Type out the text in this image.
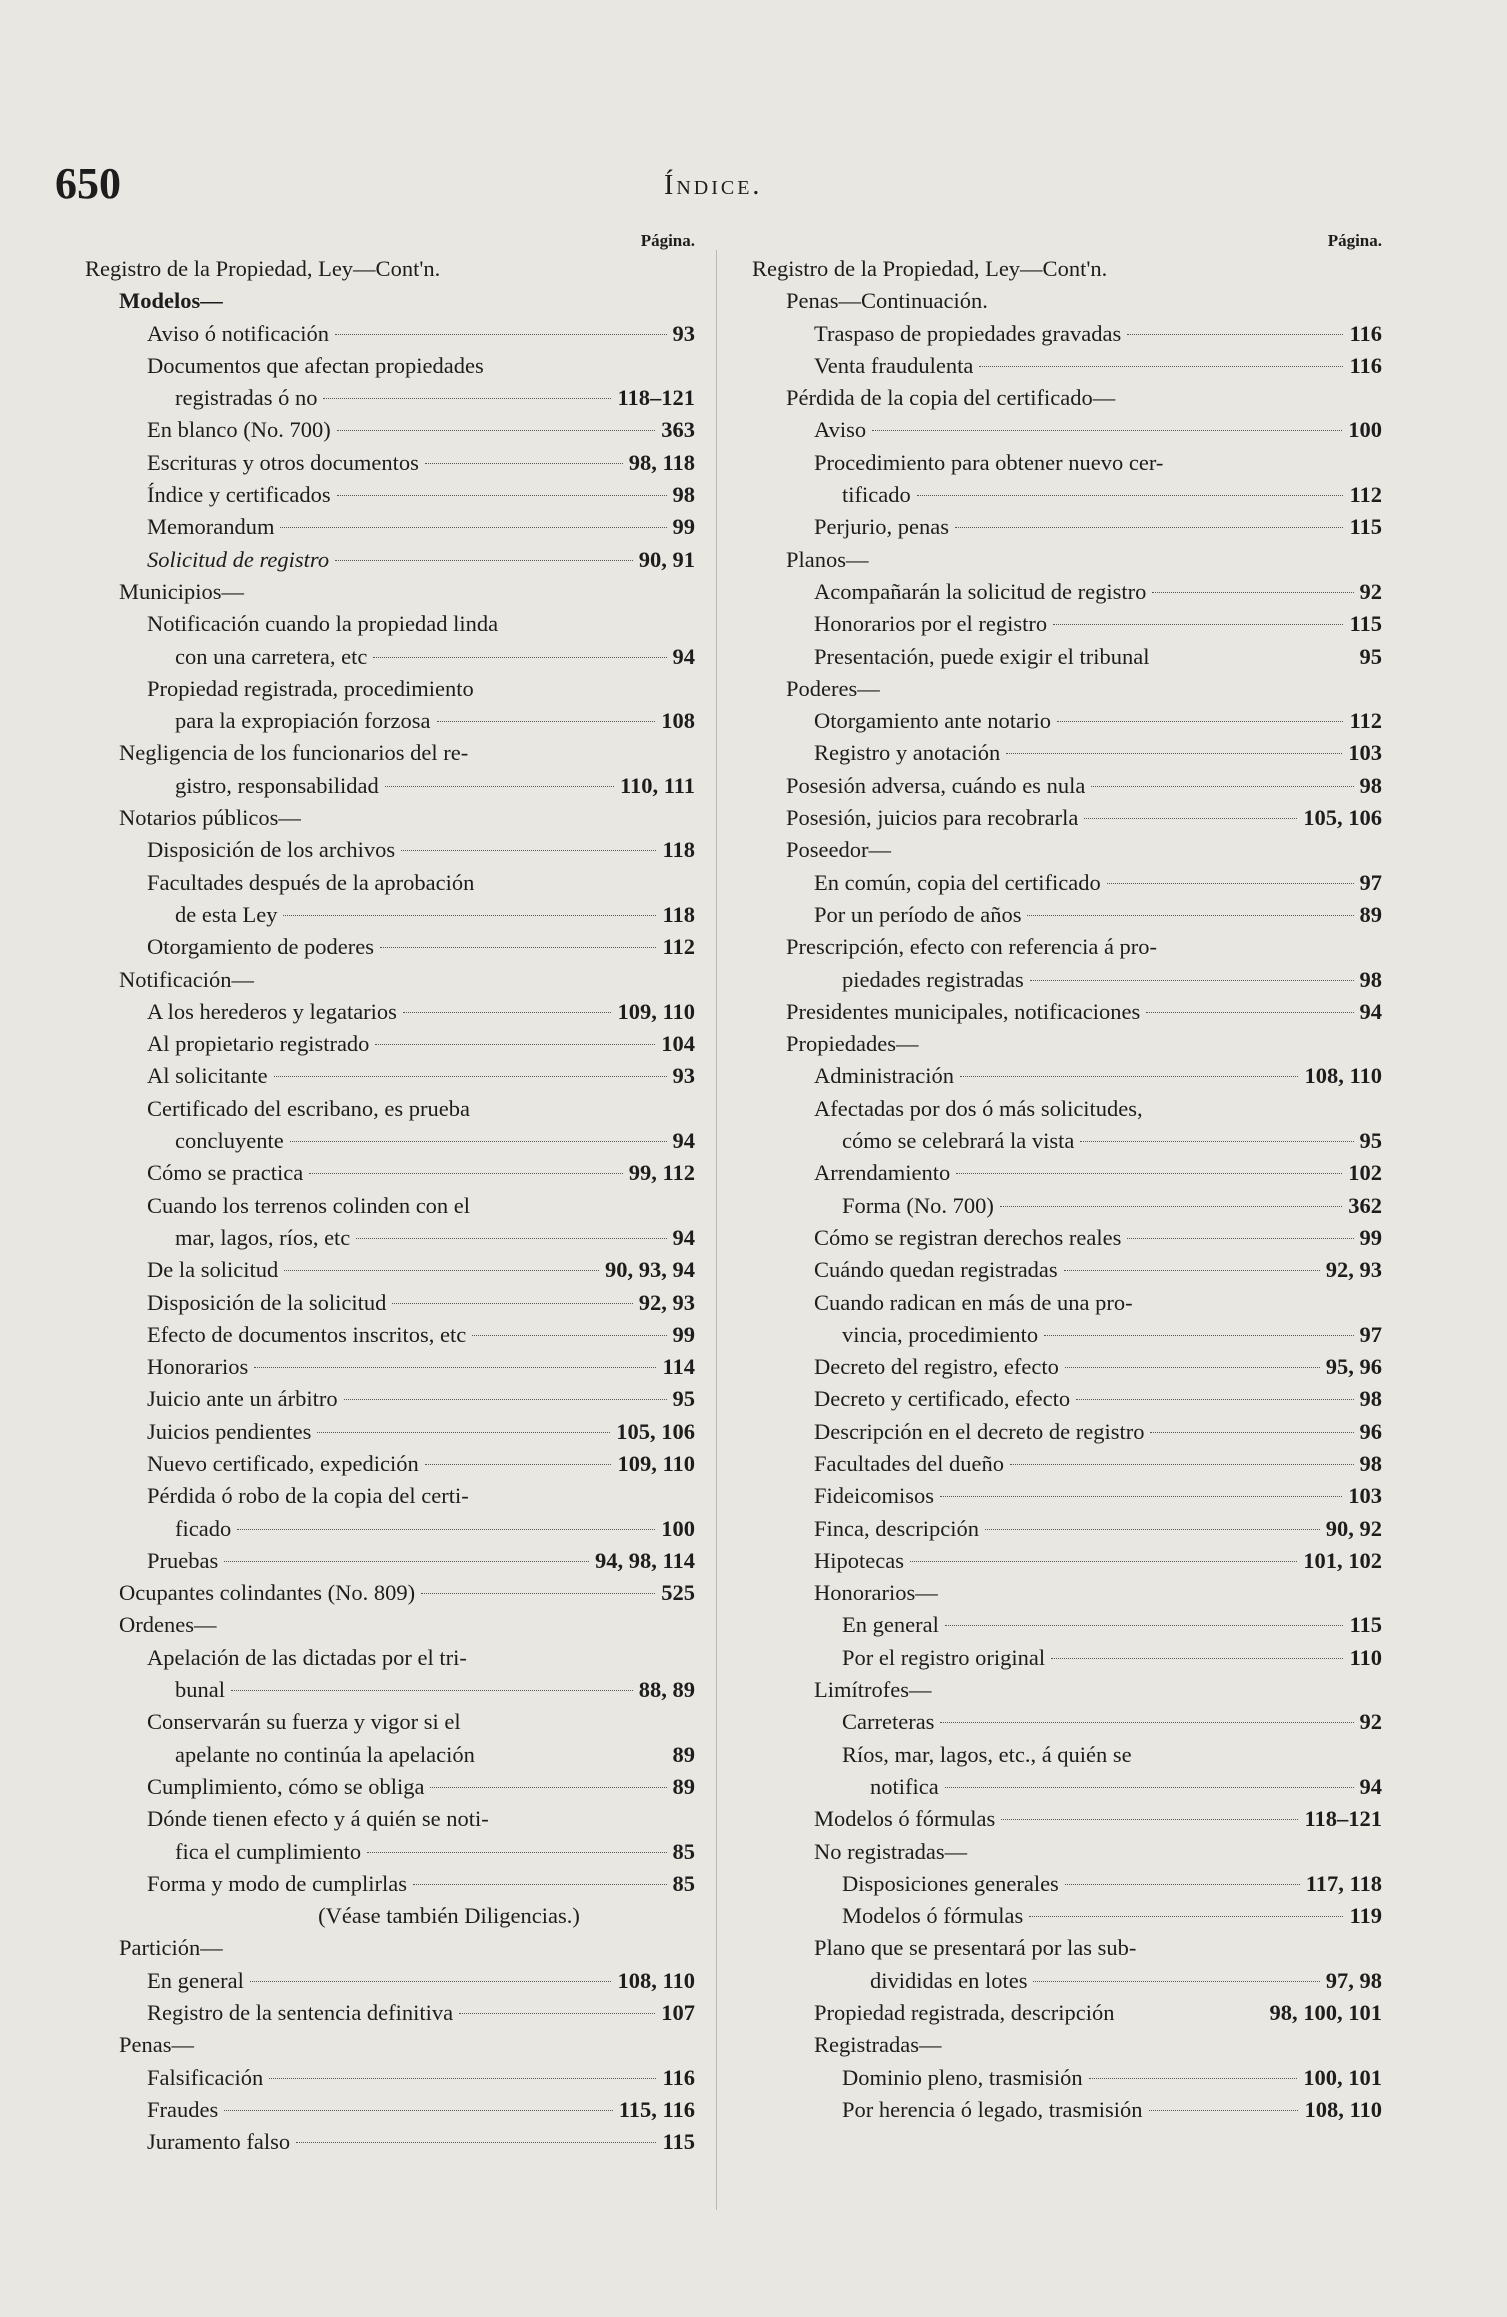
650	Índice.
Página.
Registro de la Propiedad, Ley—Cont'n.
Modelos—
Aviso ó notificación	93
Documentos que afectan propiedades
registradas ó no	118–121
En blanco (No. 700)	363
Escrituras y otros documentos	98, 118
Índice y certificados	98
Memorandum	99
Solicitud de registro	90, 91
Municipios—
Notificación cuando la propiedad linda
con una carretera, etc	94
Propiedad registrada, procedimiento
para la expropiación forzosa	108
Negligencia de los funcionarios del re-
gistro, responsabilidad	110, 111
Notarios públicos—
Disposición de los archivos	118
Facultades después de la aprobación
de esta Ley	118
Otorgamiento de poderes	112
Notificación—
A los herederos y legatarios	109, 110
Al propietario registrado	104
Al solicitante	93
Certificado del escribano, es prueba
concluyente	94
Cómo se practica	99, 112
Cuando los terrenos colinden con el
mar, lagos, ríos, etc	94
De la solicitud	90, 93, 94
Disposición de la solicitud	92, 93
Efecto de documentos inscritos, etc	99
Honorarios	114
Juicio ante un árbitro	95
Juicios pendientes	105, 106
Nuevo certificado, expedición	109, 110
Pérdida ó robo de la copia del certi-
ficado	100
Pruebas	94, 98, 114
Ocupantes colindantes (No. 809)	525
Ordenes—
Apelación de las dictadas por el tri-
bunal	88, 89
Conservarán su fuerza y vigor si el
apelante no continúa la apelación	89
Cumplimiento, cómo se obliga	89
Dónde tienen efecto y á quién se noti-
fica el cumplimiento	85
Forma y modo de cumplirlas	85
(Véase también Diligencias.)
Partición—
En general	108, 110
Registro de la sentencia definitiva	107
Penas—
Falsificación	116
Fraudes	115, 116
Juramento falso	115
Página.
Registro de la Propiedad, Ley—Cont'n.
Penas—Continuación.
Traspaso de propiedades gravadas	116
Venta fraudulenta	116
Pérdida de la copia del certificado—
Aviso	100
Procedimiento para obtener nuevo cer-
tificado	112
Perjurio, penas	115
Planos—
Acompañarán la solicitud de registro	92
Honorarios por el registro	115
Presentación, puede exigir el tribunal	95
Poderes—
Otorgamiento ante notario	112
Registro y anotación	103
Posesión adversa, cuándo es nula	98
Posesión, juicios para recobrarla	105, 106
Poseedor—
En común, copia del certificado	97
Por un período de años	89
Prescripción, efecto con referencia á pro-
piedades registradas	98
Presidentes municipales, notificaciones	94
Propiedades—
Administración	108, 110
Afectadas por dos ó más solicitudes,
cómo se celebrará la vista	95
Arrendamiento	102
Forma (No. 700)	362
Cómo se registran derechos reales	99
Cuándo quedan registradas	92, 93
Cuando radican en más de una pro-
vincia, procedimiento	97
Decreto del registro, efecto	95, 96
Decreto y certificado, efecto	98
Descripción en el decreto de registro	96
Facultades del dueño	98
Fideicomisos	103
Finca, descripción	90, 92
Hipotecas	101, 102
Honorarios—
En general	115
Por el registro original	110
Limítrofes—
Carreteras	92
Ríos, mar, lagos, etc., á quién se
notifica	94
Modelos ó fórmulas	118–121
No registradas—
Disposiciones generales	117, 118
Modelos ó fórmulas	119
Plano que se presentará por las sub-
divididas en lotes	97, 98
Propiedad registrada, descripción	98, 100, 101
Registradas—
Dominio pleno, trasmisión	100, 101
Por herencia ó legado, trasmisión	108, 110
